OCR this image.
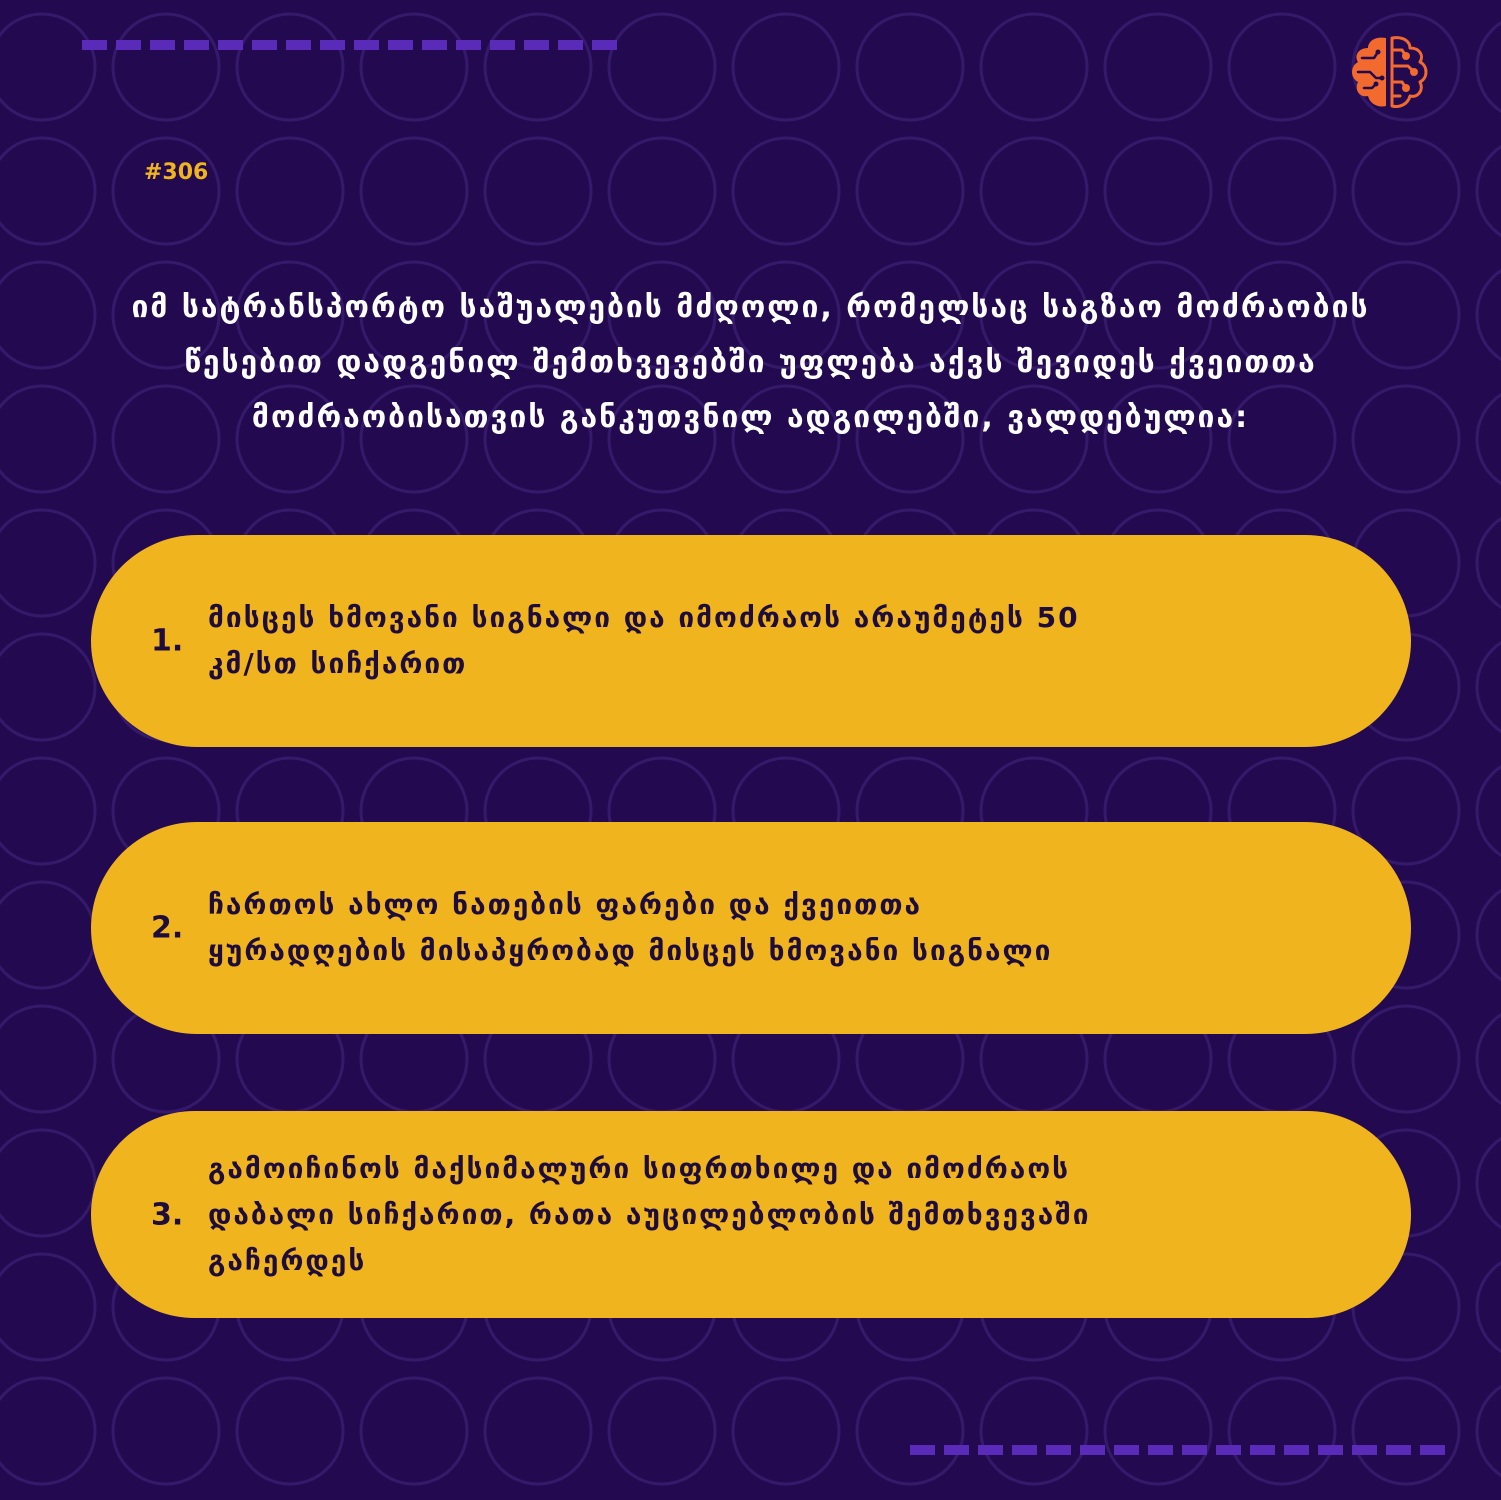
#306
იმ სატრანსპორტო საშუალების მძღოლი, რომელსაც საგზაო მოძრაობის წესებით დადგენილ შემთხვევებში უფლება აქვს შევიდეს ქვეითთა მოძრაობისათვის განკუთვნილ ადგილებში, ვალდებულია:
1.
მისცეს ხმოვანი სიგნალი და იმოძრაოს არაუმეტეს 50 კმ/სთ სიჩქარით
2.
ჩართოს ახლო ნათების ფარები და ქვეითთა ყურადღების მისაპყრობად მისცეს ხმოვანი სიგნალი
3.
გამოიჩინოს მაქსიმალური სიფრთხილე და იმოძრაოს დაბალი სიჩქარით, რათა აუცილებლობის შემთხვევაში გაჩერდეს
